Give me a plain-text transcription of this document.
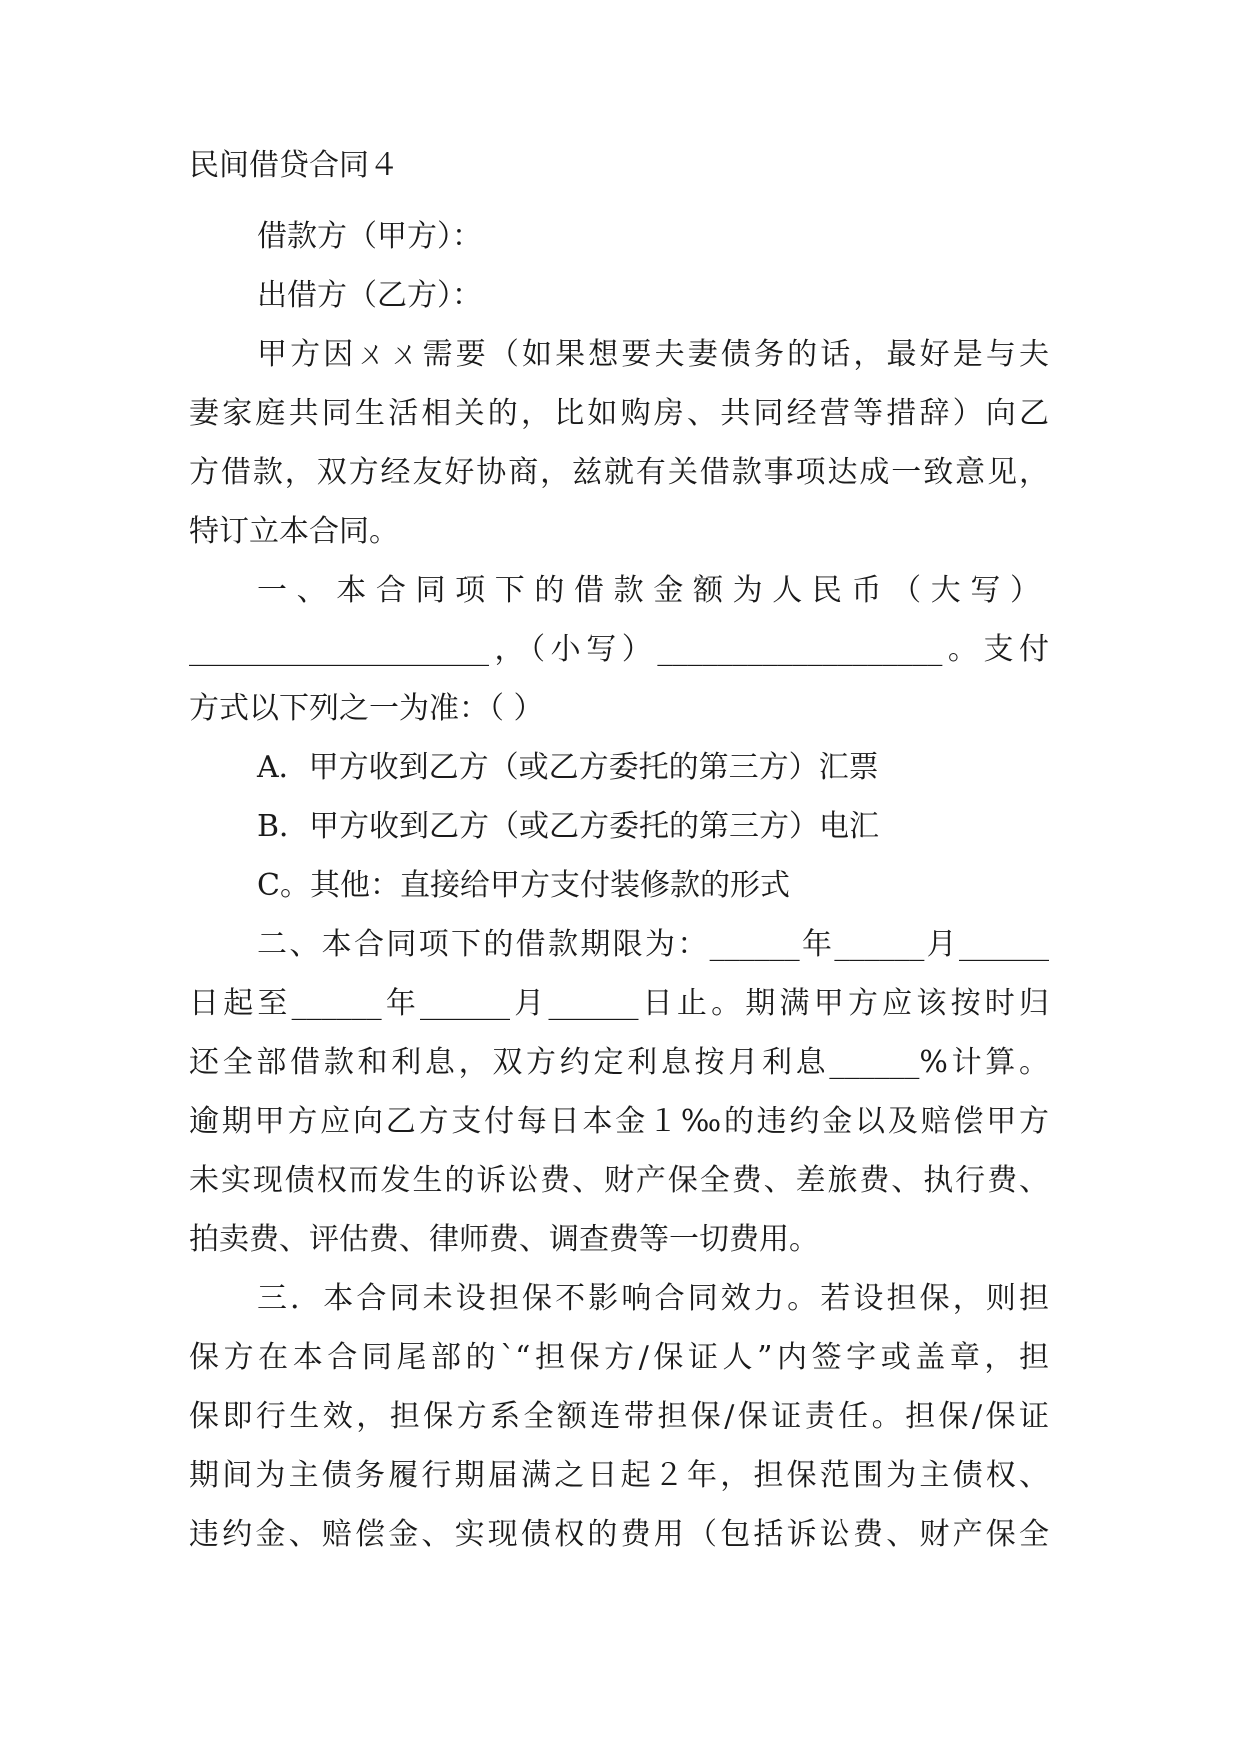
民间借贷合同４
借款方（甲方）：
出借方（乙方）：
甲方因ㄨㄨ需要（如果想要夫妻债务的话，最好是与夫
妻家庭共同生活相关的，比如购房、共同经营等措辞）向乙
方借款，双方经友好协商，兹就有关借款事项达成一致意见，
特订立本合同。
一、本合同项下的借款金额为人民币（大写）
____________________，（小写）___________________。支付
方式以下列之一为准：（ ）
A．甲方收到乙方（或乙方委托的第三方）汇票
B．甲方收到乙方（或乙方委托的第三方）电汇
C。其他：直接给甲方支付装修款的形式
二、本合同项下的借款期限为：______年______月______
日起至______年______月______日止。期满甲方应该按时归
还全部借款和利息，双方约定利息按月利息______%计算。
逾期甲方应向乙方支付每日本金１‰的违约金以及赔偿甲方
未实现债权而发生的诉讼费、财产保全费、差旅费、执行费、
拍卖费、评估费、律师费、调查费等一切费用。
三．本合同未设担保不影响合同效力。若设担保，则担
保方在本合同尾部的`“担保方/保证人”内签字或盖章，担
保即行生效，担保方系全额连带担保/保证责任。担保/保证
期间为主债务履行期届满之日起２年，担保范围为主债权、
违约金、赔偿金、实现债权的费用（包括诉讼费、财产保全
